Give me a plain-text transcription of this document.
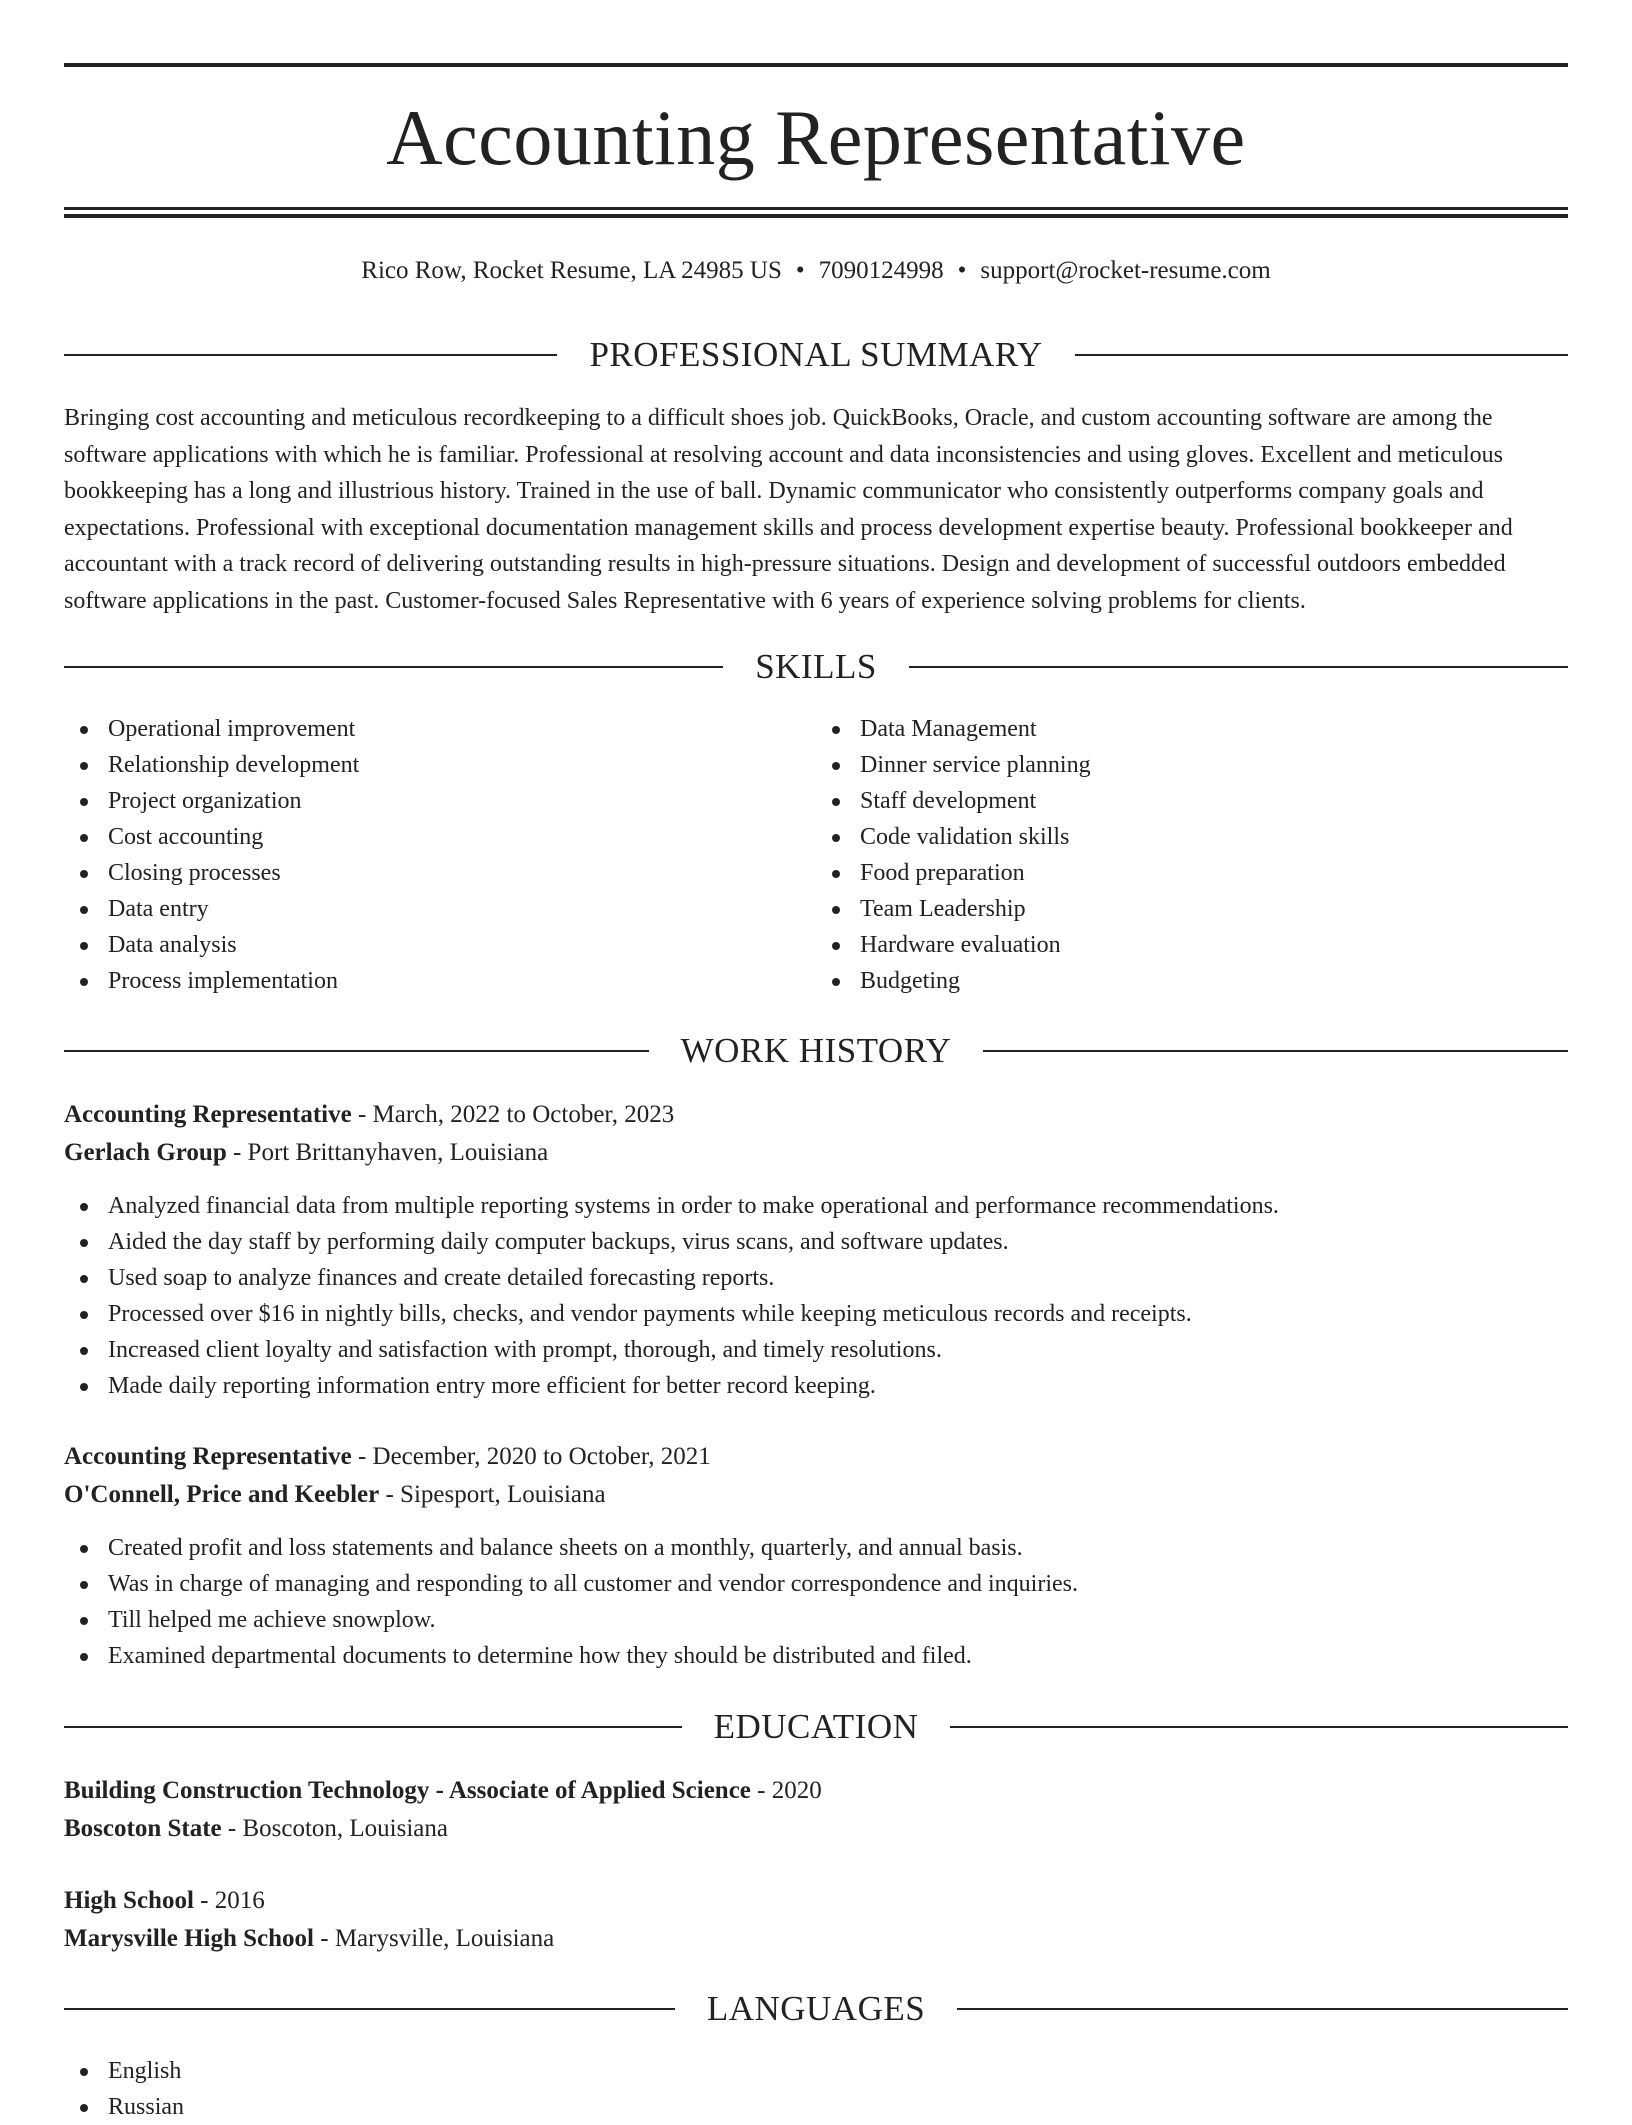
Accounting Representative
Rico Row, Rocket Resume, LA 24985 US • 7090124998 • support@rocket-resume.com
PROFESSIONAL SUMMARY

Bringing cost accounting and meticulous recordkeeping to a difficult shoes job. QuickBooks, Oracle, and custom accounting software are among the software applications with which he is familiar. Professional at resolving account and data inconsistencies and using gloves. Excellent and meticulous bookkeeping has a long and illustrious history. Trained in the use of ball. Dynamic communicator who consistently outperforms company goals and expectations. Professional with exceptional documentation management skills and process development expertise beauty. Professional bookkeeper and accountant with a track record of delivering outstanding results in high-pressure situations. Design and development of successful outdoors embedded software applications in the past. Customer-focused Sales Representative with 6 years of experience solving problems for clients.

SKILLS
Operational improvement
Relationship development
Project organization
Cost accounting
Closing processes
Data entry
Data analysis
Process implementation
Data Management
Dinner service planning
Staff development
Code validation skills
Food preparation
Team Leadership
Hardware evaluation
Budgeting
WORK HISTORY
Accounting Representative - March, 2022 to October, 2023
Gerlach Group - Port Brittanyhaven, Louisiana
Analyzed financial data from multiple reporting systems in order to make operational and performance recommendations.
Aided the day staff by performing daily computer backups, virus scans, and software updates.
Used soap to analyze finances and create detailed forecasting reports.
Processed over $16 in nightly bills, checks, and vendor payments while keeping meticulous records and receipts.
Increased client loyalty and satisfaction with prompt, thorough, and timely resolutions.
Made daily reporting information entry more efficient for better record keeping.
Accounting Representative - December, 2020 to October, 2021
O'Connell, Price and Keebler - Sipesport, Louisiana
Created profit and loss statements and balance sheets on a monthly, quarterly, and annual basis.
Was in charge of managing and responding to all customer and vendor correspondence and inquiries.
Till helped me achieve snowplow.
Examined departmental documents to determine how they should be distributed and filed.
EDUCATION
Building Construction Technology - Associate of Applied Science - 2020
Boscoton State - Boscoton, Louisiana
High School - 2016
Marysville High School - Marysville, Louisiana
LANGUAGES
English
Russian
